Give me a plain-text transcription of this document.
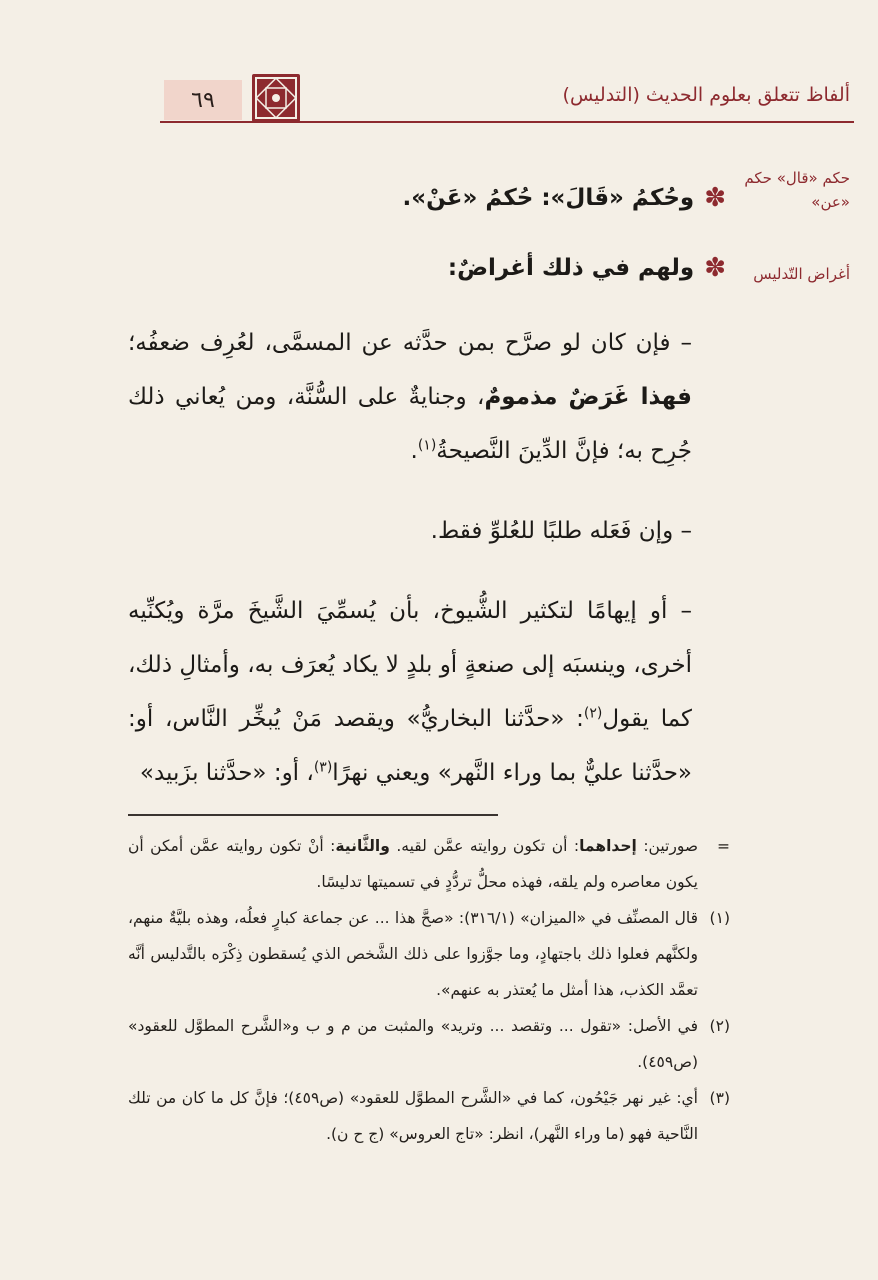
ألفاظ تتعلق بعلوم الحديث (التدليس)
٦٩
حكم «قال» حكم «عن»
أغراض التّدليس
✽
وحُكمُ «قَالَ»: حُكمُ «عَنْ».
✽
ولهم في ذلك أغراضٌ:

– فإن كان لو صرَّح بمن حدَّثه عن المسمَّى، لعُرِف ضعفُه؛ فهذا غَرَضٌ مذمومٌ، وجنايةٌ على السُّنَّة، ومن يُعاني ذلك جُرِح به؛ فإنَّ الدِّينَ النَّصيحةُ$^{(١)}$.

– وإن فَعَله طلبًا للعُلوِّ فقط.

– أو إيهامًا لتكثير الشُّيوخ، بأن يُسمِّيَ الشَّيخَ مرَّة ويُكنِّيه أخرى، وينسبَه إلى صنعةٍ أو بلدٍ لا يكاد يُعرَف به، وأمثالِ ذلك، كما يقول$^{(٢)}$: «حدَّثنا البخاريُّ» ويقصد مَنْ يُبخِّر النَّاس، أو: «حدَّثنا عليٌّ بما وراء النَّهر» ويعني نهرًا$^{(٣)}$، أو: «حدَّثنا بزَبيد»

=
صورتين: إحداهما: أن تكون روايته عمَّن لقيه. والثَّانية: أنْ تكون روايته عمَّن أمكن أن يكون معاصره ولم يلقه، فهذه محلُّ تردُّدٍ في تسميتها تدليسًا.
(١)
قال المصنِّف في «الميزان» (٣١٦/١): «صحَّ هذا ... عن جماعة كبارٍ فعلُه، وهذه بليَّةٌ منهم، ولكنَّهم فعلوا ذلك باجتهادٍ، وما جوَّزوا على ذلك الشَّخص الذي يُسقطون ذِكْرَه بالتَّدليس أنَّه تعمَّد الكذب، هذا أمثل ما يُعتذر به عنهم».
(٢)
في الأصل: «تقول ... وتقصد ... وتريد» والمثبت من م و ب و«الشَّرح المطوَّل للعقود» (ص٤٥٩).
(٣)
أي: غير نهر جَيْحُون، كما في «الشَّرح المطوَّل للعقود» (ص٤٥٩)؛ فإنَّ كل ما كان من تلك النَّاحية فهو (ما وراء النَّهر)، انظر: «تاج العروس» (ج ح ن).
